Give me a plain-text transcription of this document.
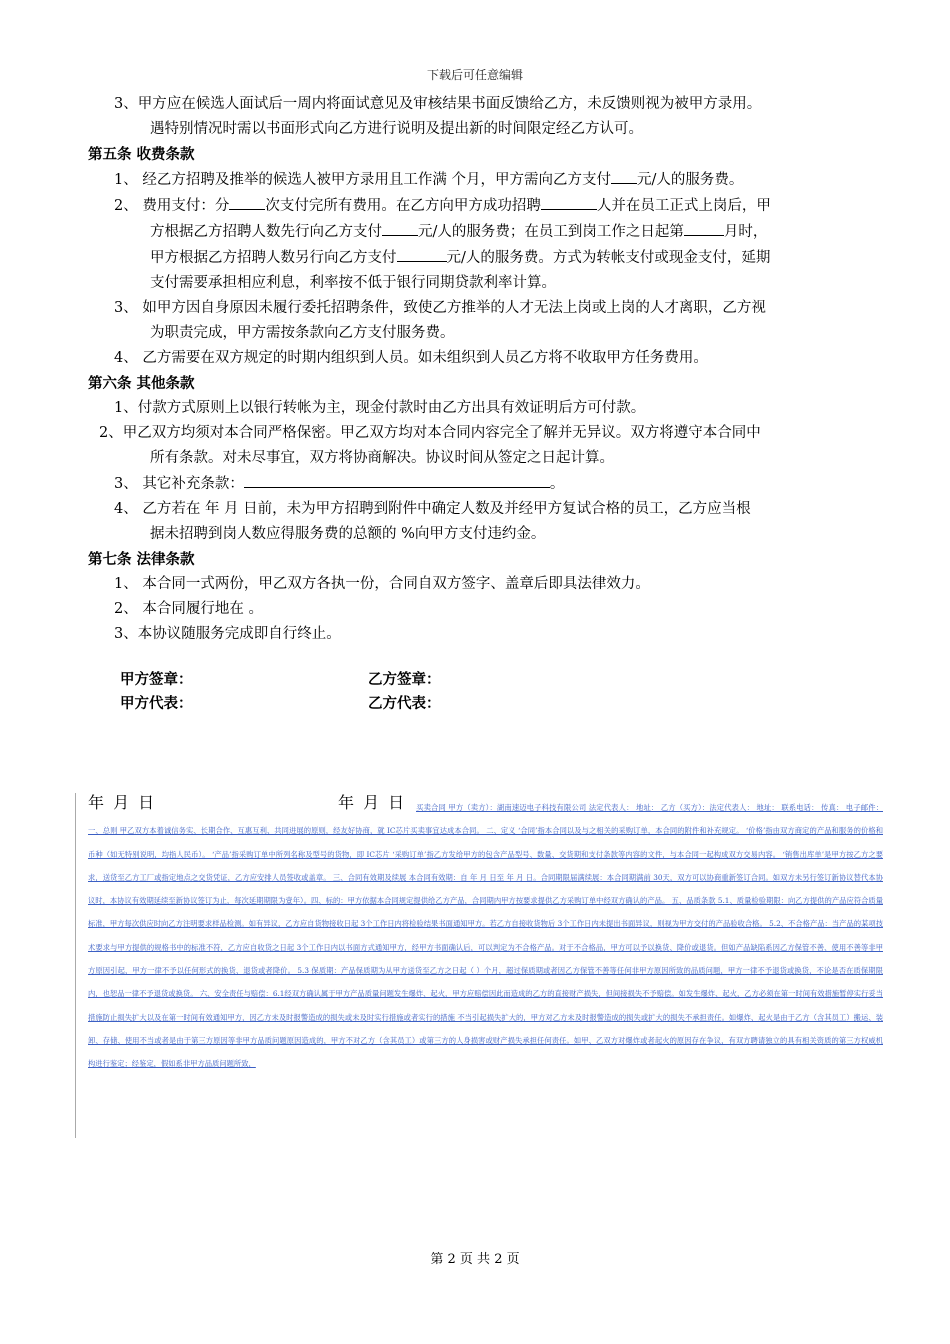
下载后可任意编辑
3、甲方应在候选人面试后一周内将面试意见及审核结果书面反馈给乙方，未反馈则视为被甲方录用。
遇特别情况时需以书面形式向乙方进行说明及提出新的时间限定经乙方认可。
第五条 收费条款
1、 经乙方招聘及推举的候选人被甲方录用且工作满 个月，甲方需向乙方支付 元/人的服务费。
2、 费用支付：分 次支付完所有费用。在乙方向甲方成功招聘	人并在员工正式上岗后，甲
方根据乙方招聘人数先行向乙方支付 元/人的服务费；在员工到岗工作之日起第	月时，
甲方根据乙方招聘人数另行向乙方支付	元/人的服务费。方式为转帐支付或现金支付，延期
支付需要承担相应利息，利率按不低于银行同期贷款利率计算。
3、 如甲方因自身原因未履行委托招聘条件，致使乙方推举的人才无法上岗或上岗的人才离职，乙方视
为职责完成，甲方需按条款向乙方支付服务费。
4、 乙方需要在双方规定的时期内组织到人员。如未组织到人员乙方将不收取甲方任务费用。
第六条 其他条款
1、付款方式原则上以银行转帐为主，现金付款时由乙方出具有效证明后方可付款。
2、甲乙双方均须对本合同严格保密。甲乙双方均对本合同内容完全了解并无异议。双方将遵守本合同中
所有条款。对未尽事宜，双方将协商解决。协议时间从签定之日起计算。
3、 其它补充条款：	。
4、 乙方若在 年 月 日前，未为甲方招聘到附件中确定人数及并经甲方复试合格的员工，乙方应当根
据未招聘到岗人数应得服务费的总额的 %向甲方支付违约金。
第七条 法律条款
1、 本合同一式两份，甲乙双方各执一份，合同自双方签字、盖章后即具法律效力。
2、 本合同履行地在 。
3、本协议随服务完成即自行终止。
甲方签章：	乙方签章：
甲方代表：	乙方代表：
年 月 日	年 月 日	买卖合同 甲方（卖方）：湖南速迈电子科技有限公司 法定代表人： 地址： 乙方（买方）：法定代表人： 地址： 联系电话： 传真： 电子邮件： 一、总则 甲乙双方本着诚信务实、长期合作、互惠互利、共同进展的原则，经友好协商，就 IC芯片买卖事宜达成本合同。 二、定义 ‘合同’指本合同以及与之相关的采购订单，本合同的附件和补充规定。 ‘价格’指由双方商定的产品和服务的价格和币种（如无特别说明，均指人民币）。 ‘产品’指采购订单中所列名称及型号的货物，即 IC芯片 ‘采购订单’指乙方发给甲方的包含产品型号、数量、交货期和支付条款等内容的文件，与本合同一起构成双方交易内容。 ‘销售出库单’是甲方按乙方之要求，送货至乙方工厂或指定地点之交货凭证，乙方应安排人员签收或盖章。 三、合同有效期及续展 本合同有效期：自 年 月 日至 年 月 日。合同期限届满续展：本合同期满前 30天，双方可以协商重新签订合同。如双方未另行签订新协议替代本协议时，本协议有效期延续至新协议签订为止，每次延期期限为壹年）。四、标的：甲方依据本合同规定提供给乙方产品，合同期内甲方按要求提供乙方采购订单中经双方确认的产品。 五、品质条款 5.1、质量检验期限：向乙方提供的产品应符合质量标准，甲方每次供应时向乙方注明要求样品检测。如有异议，乙方应自货物接收日起 3个工作日内将检验结果书面通知甲方。若乙方自接收货物后 3个工作日内未提出书面异议，则视为甲方交付的产品验收合格。 5.2、不合格产品：当产品的某项技术要求与甲方提供的规格书中的标准不符，乙方应自收货之日起 3个工作日内以书面方式通知甲方，经甲方书面确认后，可以判定为不合格产品。对于不合格品，甲方可以予以换货、降价或退货。但如产品缺陷系因乙方保管不善、使用不善等非甲方原因引起，甲方一律不予以任何形式的换货、退货或者降价。 5.3 保质期：产品保质期为从甲方送货至乙方之日起（ ）个月，超过保质期或者因乙方保管不善等任何非甲方原因所致的品质问题，甲方一律不予退货或换货，不论是否在质保期限内，也恕品一律不予退货或换货。 六、安全责任与赔偿：6.1经双方确认属于甲方产品质量问题发生爆炸、起火，甲方应赔偿因此而造成的乙方的直接财产损失，但间接损失不予赔偿。如发生爆炸、起火，乙方必须在第一时间有效措施暂停实行妥当措施防止损失扩大以及在第一时间有效通知甲方，因乙方未及时报警造成的损失或未及时实行措施或者实行的措施 不当引起损失扩大的，甲方对乙方未及时报警造成的损失或扩大的损失不承担责任。如爆炸、起火是由于乙方（含其员工）搬运、装卸、存储、使用不当或者是由于第三方原因等非甲方品质问题原因造成的，甲方不对乙方（含其员工）或第三方的人身损害或财产损失承担任何责任。如甲、乙双方对爆炸或者起火的原因存在争议，有双方聘请独立的具有相关资质的第三方权威机构进行鉴定；经鉴定，假如系非甲方品质问题所致，
第 2 页 共 2 页
